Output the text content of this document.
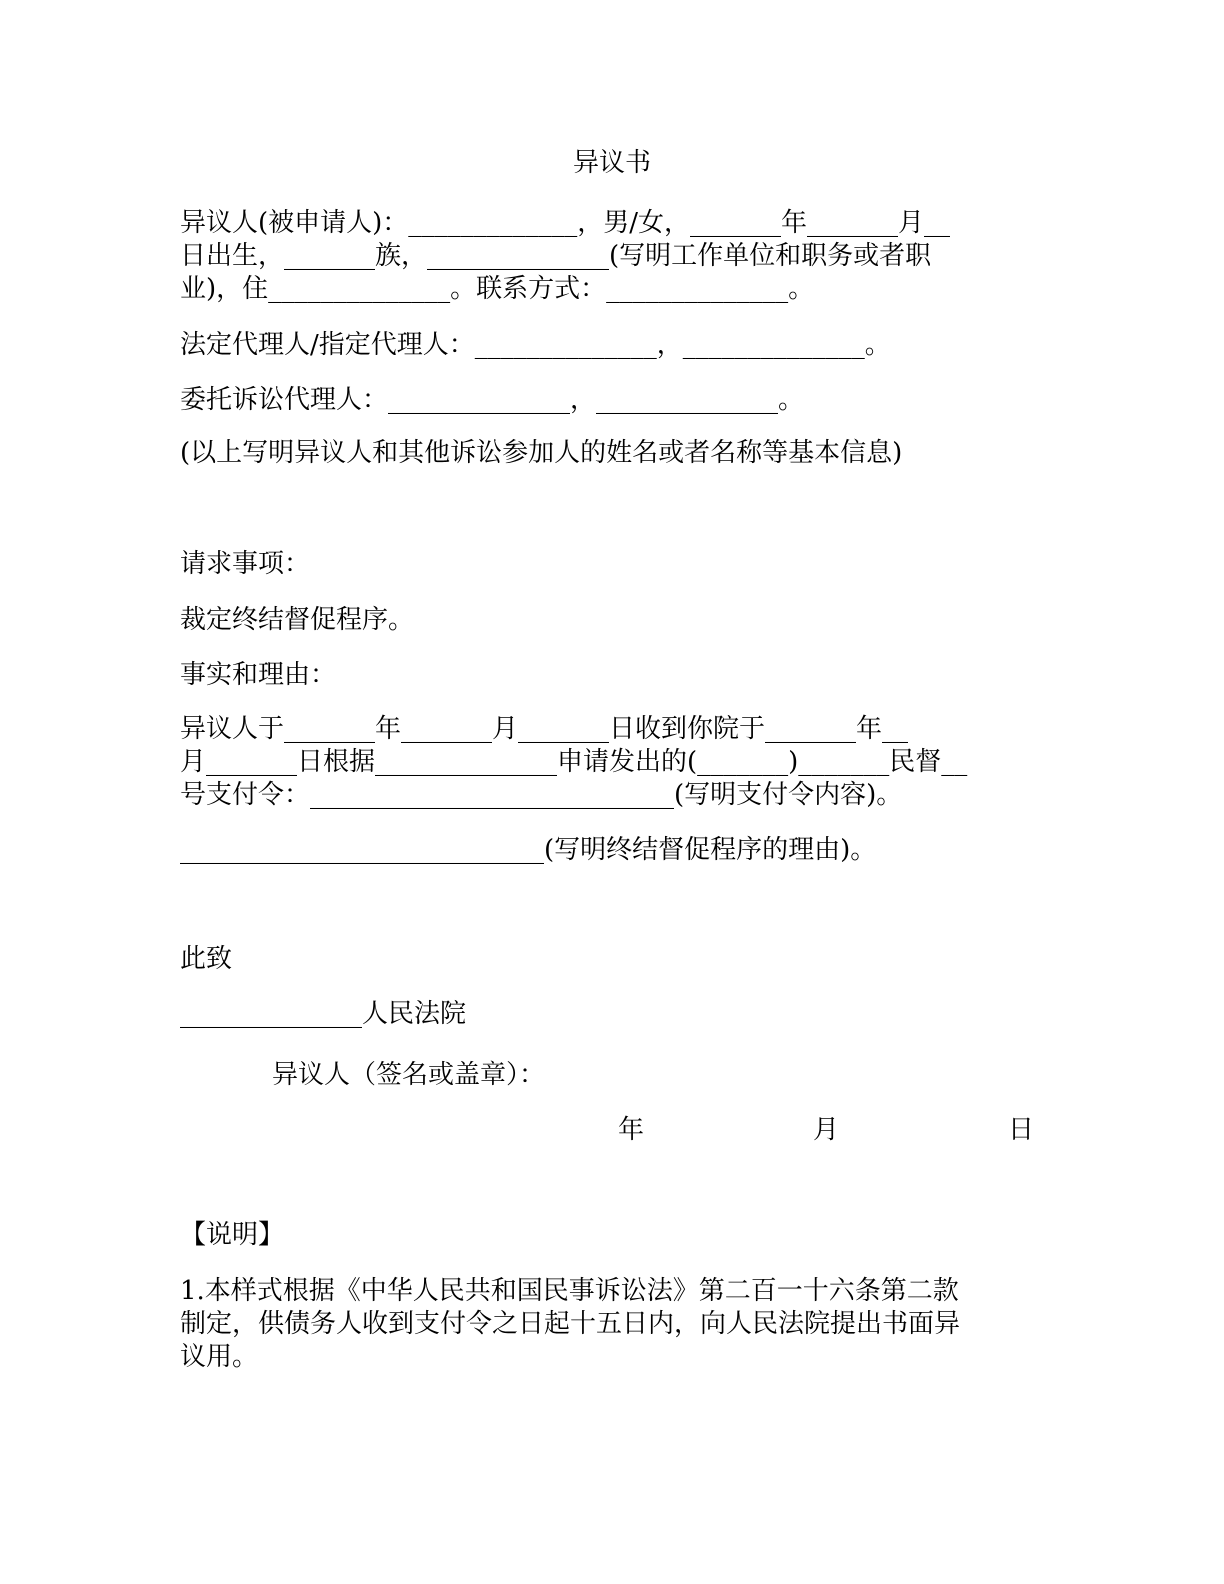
异议书
异议人(被申请人)：_____________，男/女，_______年_______月__
日出生，_______族，______________(写明工作单位和职务或者职
业)，住______________。联系方式：______________。
法定代理人/指定代理人：______________，______________。
委托诉讼代理人：______________，______________。
(以上写明异议人和其他诉讼参加人的姓名或者名称等基本信息)
请求事项：
裁定终结督促程序。
事实和理由：
异议人于_______年_______月_______日收到你院于_______年__
月_______日根据______________申请发出的(_______)_______民督__
号支付令：____________________________(写明支付令内容)。
____________________________(写明终结督促程序的理由)。
此致
______________人民法院
异议人（签名或盖章）：
年	月	日
【说明】
1.本样式根据《中华人民共和国民事诉讼法》第二百一十六条第二款
制定，供债务人收到支付令之日起十五日内，向人民法院提出书面异
议用。
